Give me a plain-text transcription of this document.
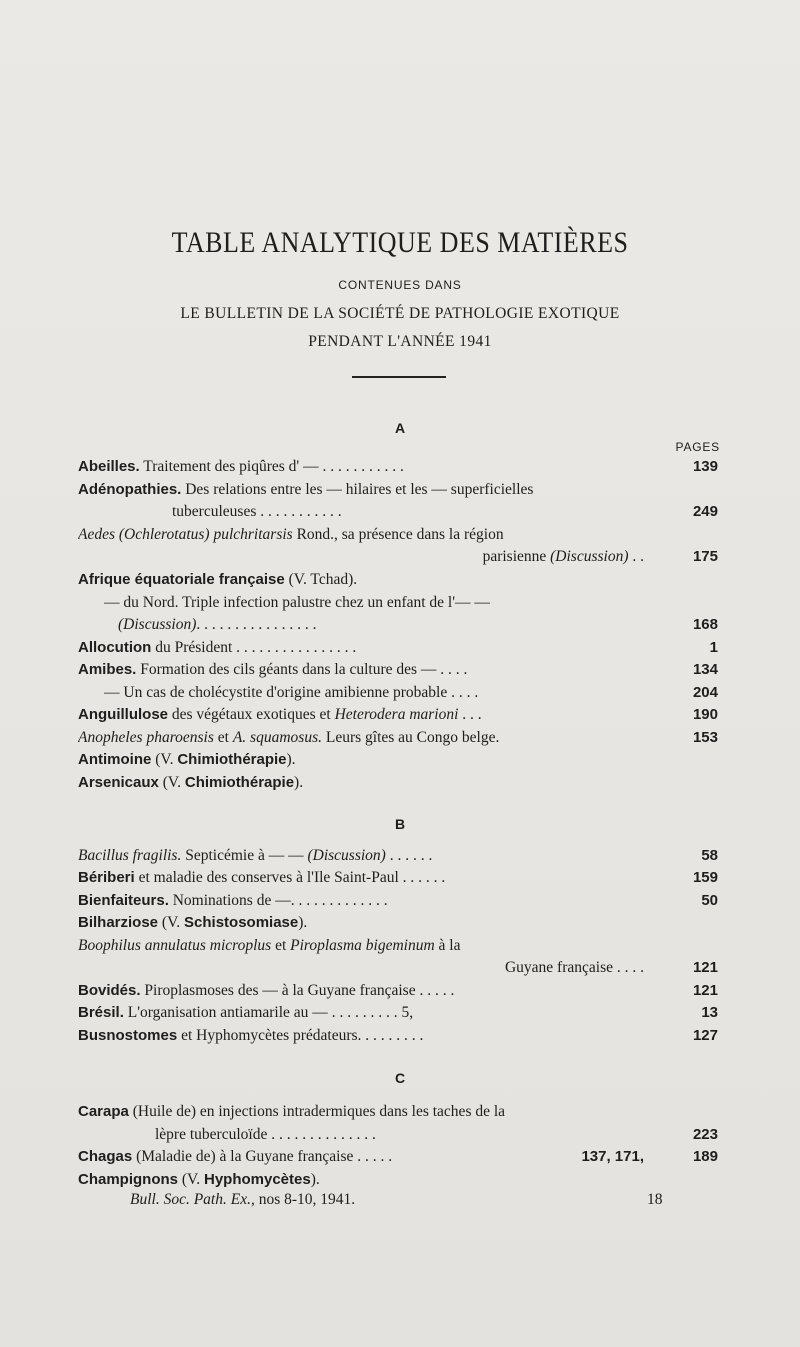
TABLE ANALYTIQUE DES MATIÈRES
CONTENUES DANS
LE BULLETIN DE LA SOCIÉTÉ DE PATHOLOGIE EXOTIQUE
PENDANT L'ANNÉE 1941
A
PAGES
Abeilles. Traitement des piqûres d' — . . . . . . . . . . .	139
Adénopathies. Des relations entre les — hilaires et les — superficielles
tuberculeuses . . . . . . . . . . .	249
Aedes (Ochlerotatus) pulchritarsis Rond., sa présence dans la région
parisienne (Discussion) . .	175
Afrique équatoriale française (V. Tchad).
— du Nord. Triple infection palustre chez un enfant de l'— —
(Discussion). . . . . . . . . . . . . . . .	168
Allocution du Président . . . . . . . . . . . . . . . .	1
Amibes. Formation des cils géants dans la culture des — . . . .	134
— Un cas de cholécystite d'origine amibienne probable . . . .	204
Anguillulose des végétaux exotiques et Heterodera marioni . . .	190
Anopheles pharoensis et A. squamosus. Leurs gîtes au Congo belge.	153
Antimoine (V. Chimiothérapie).
Arsenicaux (V. Chimiothérapie).
B
Bacillus fragilis. Septicémie à — — (Discussion) . . . . . .	58
Bériberi et maladie des conserves à l'Ile Saint-Paul . . . . . .	159
Bienfaiteurs. Nominations de —. . . . . . . . . . . . .	50
Bilharziose (V. Schistosomiase).
Boophilus annulatus microplus et Piroplasma bigeminum à la
Guyane française . . . .	121
Bovidés. Piroplasmoses des — à la Guyane française . . . . .	121
Brésil. L'organisation antiamarile au — . . . . . . . . . 5,	13
Busnostomes et Hyphomycètes prédateurs. . . . . . . . .	127
C
Carapa (Huile de) en injections intradermiques dans les taches de la
lèpre tuberculoïde . . . . . . . . . . . . . .	223
Chagas (Maladie de) à la Guyane française . . . . .	137, 171,	189
Champignons (V. Hyphomycètes).
Bull. Soc. Path. Ex., nos 8-10, 1941.	18
